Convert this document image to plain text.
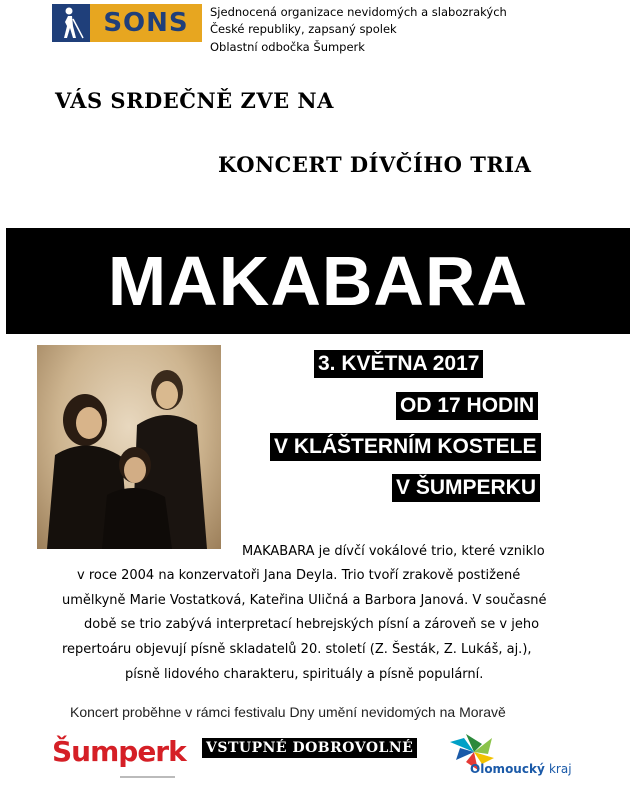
SONS	Sjednocená organizace nevidomých a slabozrakých
České republiky, zapsaný spolek
Oblastní odbočka Šumperk
VÁS SRDEČNĚ ZVE NA
KONCERT DÍVČÍHO TRIA
MAKABARA
3. KVĚTNA 2017
OD 17 HODIN
V KLÁŠTERNÍM KOSTELE
V ŠUMPERKU
MAKABARA je dívčí vokálové trio, které vzniklo
v roce 2004 na konzervatoři Jana Deyla. Trio tvoří zrakově postižené
umělkyně Marie Vostatková, Kateřina Uličná a Barbora Janová. V současné
době se trio zabývá interpretací hebrejských písní a zároveň se v jeho
repertoáru objevují písně skladatelů 20. století (Z. Šesták, Z. Lukáš, aj.),
písně lidového charakteru, spirituály a písně populární.
Koncert proběhne v rámci festivalu Dny umění nevidomých na Moravě
Šumperk VSTUPNÉ DOBROVOLNÉ
Olomoucký kraj
